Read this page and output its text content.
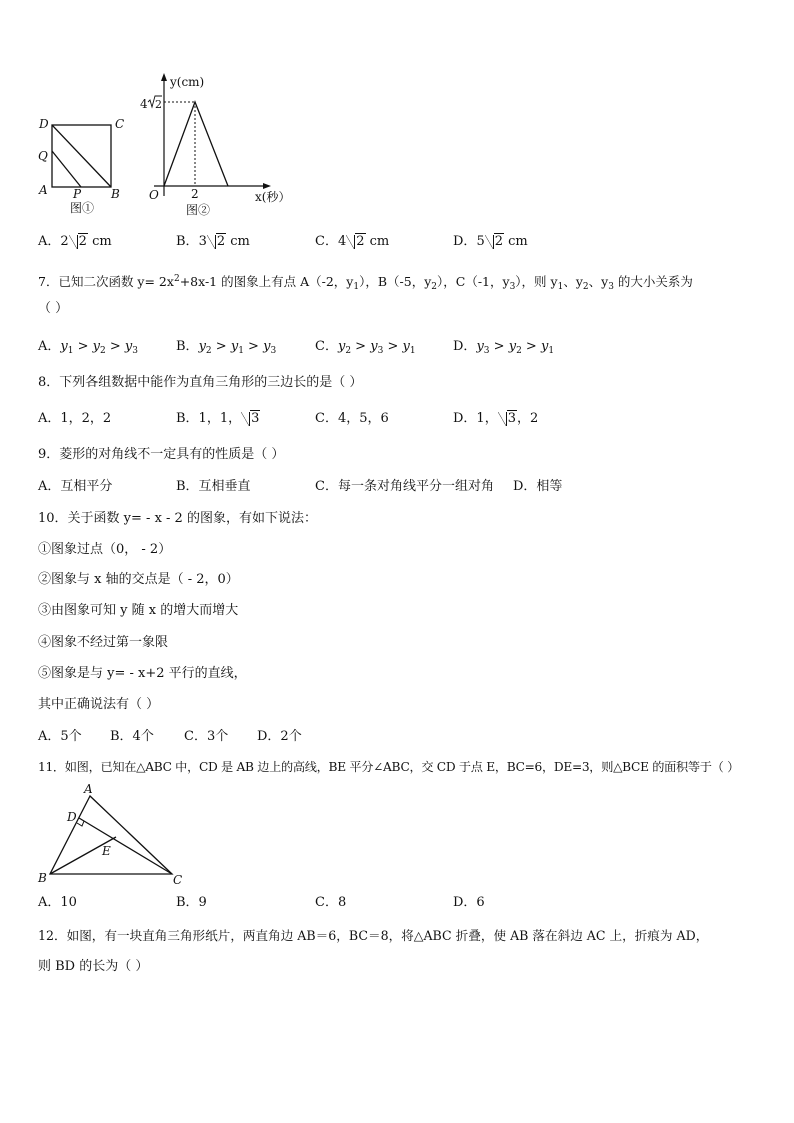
D	C
Q
A P B
图①
y(cm)
4 2
O	2	x(秒）
图②
A．2 2 cm	B．3 2 cm	C．4 2 cm	D．5 2 cm
7．已知二次函数 $y= 2x^2+8x-1$ 的图象上有点 A（-2，$y_1$），B（-5，$y_2$），C（-1，$y_3$），则 $y_1$、$y_2$、$y_3$ 的大小关系为
（ ）
A．$y_1 > y_2 > y_3$	B．$y_2 > y_1 > y_3$	C．$y_2 > y_3 > y_1$	D．$y_3 > y_2 > y_1$
8．下列各组数据中能作为直角三角形的三边长的是（ ）
A．1，2，2	B．1，1， 3	C．4，5，6	D．1， 3，2
9．菱形的对角线不一定具有的性质是（ ）
A．互相平分	B．互相垂直	C．每一条对角线平分一组对角 D．相等
10．关于函数 y= - x - 2 的图象，有如下说法：
①图象过点（0， - 2）
②图象与 x 轴的交点是（ - 2，0）
③由图象可知 y 随 x 的增大而增大
④图象不经过第一象限
⑤图象是与 y= - x+2 平行的直线，
其中正确说法有（ ）
A．5个 B．4个 C．3个 D．2个
11．如图，已知在△ABC 中，CD 是 AB 边上的高线，BE 平分∠ABC，交 CD 于点 E，BC=6，DE=3，则△BCE 的面积等于（ ）
A
D
E
B	C
A．10	B．9	C．8	D．6
12．如图，有一块直角三角形纸片，两直角边 AB＝6，BC＝8，将△ABC 折叠，使 AB 落在斜边 AC 上，折痕为 AD，
则 BD 的长为（ ）
